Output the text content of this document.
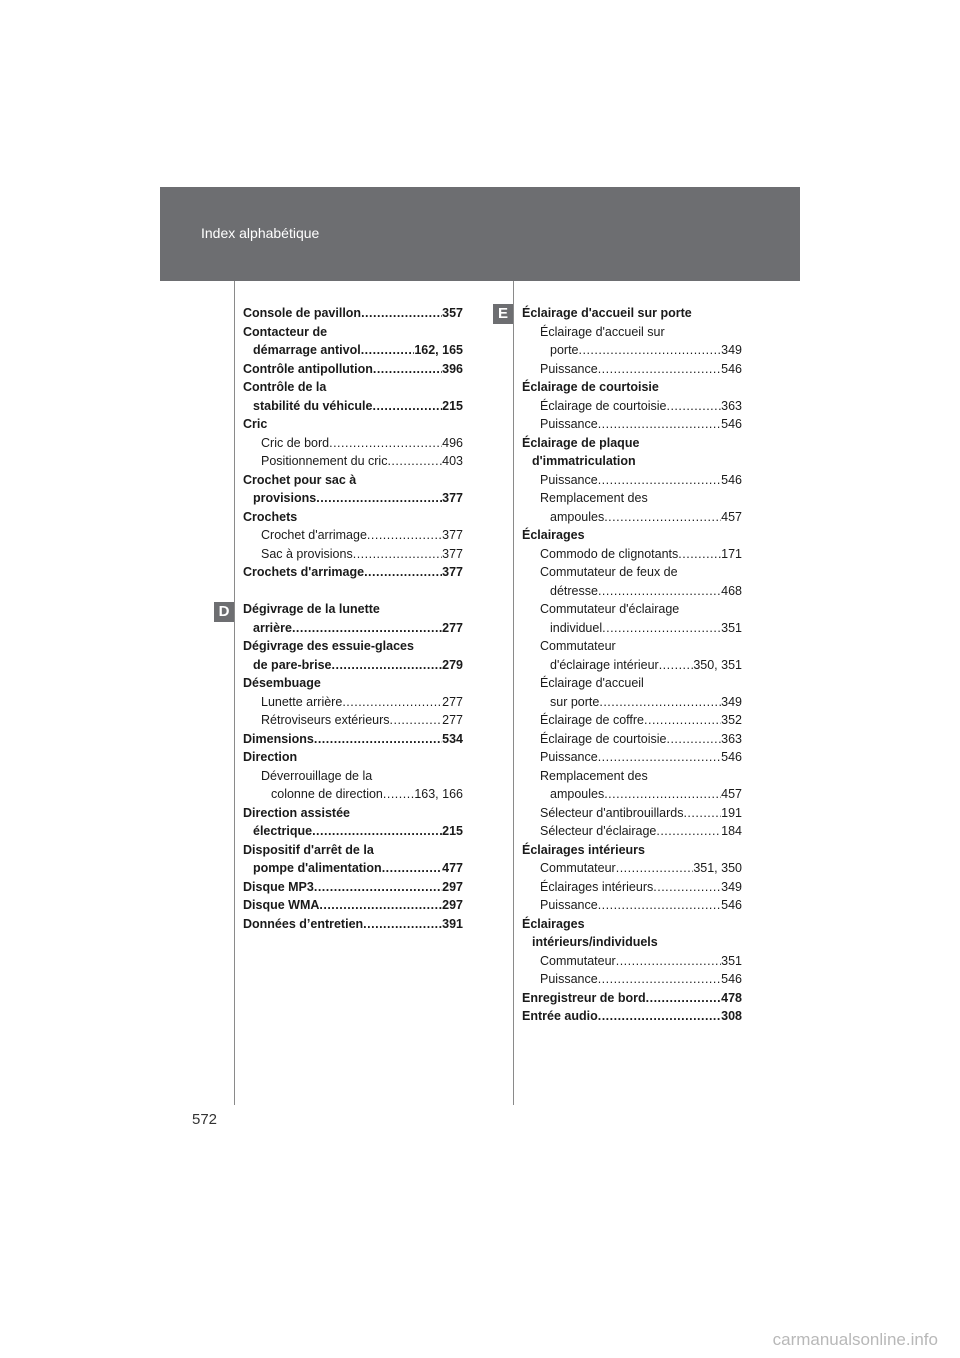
Index alphabétique
D
E
Console de pavillon .....	357
Contacteur de
démarrage antivol .....	162, 165
Contrôle antipollution .....	396
Contrôle de la
stabilité du véhicule .....	215
Cric
Cric de bord .....	496
Positionnement du cric .....	403
Crochet pour sac à
provisions .....	377
Crochets
Crochet d'arrimage .....	377
Sac à provisions .....	377
Crochets d'arrimage .....	377
Dégivrage de la lunette
arrière .....	277
Dégivrage des essuie-glaces
de pare-brise .....	279
Désembuage
Lunette arrière .....	277
Rétroviseurs extérieurs .....	277
Dimensions .....	534
Direction
Déverrouillage de la
colonne de direction .....	163, 166
Direction assistée
électrique .....	215
Dispositif d'arrêt de la
pompe d'alimentation .....	477
Disque MP3 .....	297
Disque WMA .....	297
Données d’entretien .....	391
Éclairage d'accueil sur porte
Éclairage d'accueil sur
porte .....	349
Puissance .....	546
Éclairage de courtoisie
Éclairage de courtoisie .....	363
Puissance .....	546
Éclairage de plaque
d'immatriculation
Puissance .....	546
Remplacement des
ampoules .....	457
Éclairages
Commodo de clignotants .....	171
Commutateur de feux de
détresse .....	468
Commutateur d'éclairage
individuel .....	351
Commutateur
d'éclairage intérieur .....	350, 351
Éclairage d'accueil
sur porte .....	349
Éclairage de coffre .....	352
Éclairage de courtoisie .....	363
Puissance .....	546
Remplacement des
ampoules .....	457
Sélecteur d'antibrouillards .....	191
Sélecteur d'éclairage .....	184
Éclairages intérieurs
Commutateur .....	351, 350
Éclairages intérieurs .....	349
Puissance .....	546
Éclairages
intérieurs/individuels
Commutateur .....	351
Puissance .....	546
Enregistreur de bord .....	478
Entrée audio .....	308
572
carmanualsonline.info
